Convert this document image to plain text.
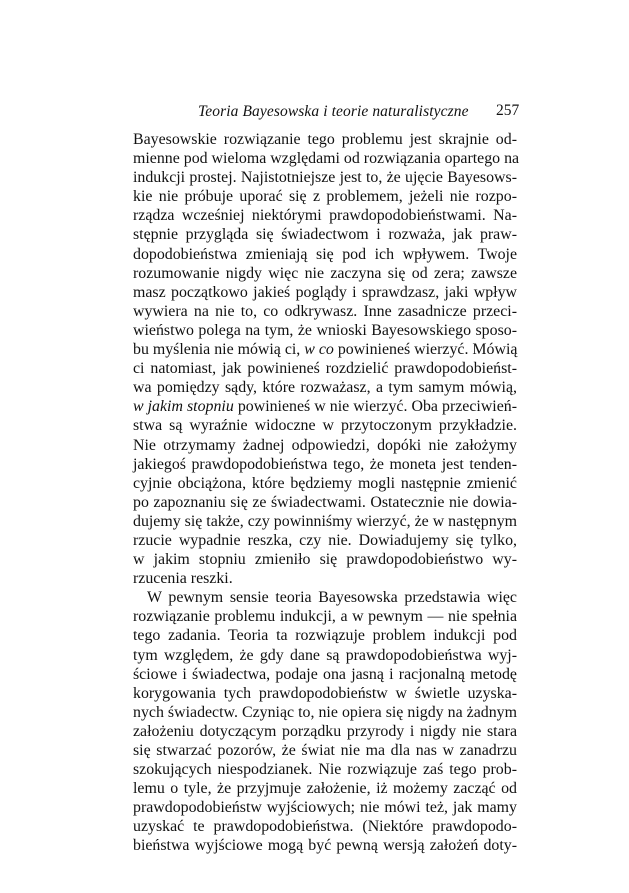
Teoria Bayesowska i teorie naturalistyczne 257
Bayesowskie rozwiązanie tego problemu jest skrajnie od-
mienne pod wieloma względami od rozwiązania opartego na
indukcji prostej. Najistotniejsze jest to, że ujęcie Bayesows-
kie nie próbuje uporać się z problemem, jeżeli nie rozpo-
rządza wcześniej niektórymi prawdopodobieństwami. Na-
stępnie przygląda się świadectwom i rozważa, jak praw-
dopodobieństwa zmieniają się pod ich wpływem. Twoje
rozumowanie nigdy więc nie zaczyna się od zera; zawsze
masz początkowo jakieś poglądy i sprawdzasz, jaki wpływ
wywiera na nie to, co odkrywasz. Inne zasadnicze przeci-
wieństwo polega na tym, że wnioski Bayesowskiego sposo-
bu myślenia nie mówią ci, w co powinieneś wierzyć. Mówią
ci natomiast, jak powinieneś rozdzielić prawdopodobieńst-
wa pomiędzy sądy, które rozważasz, a tym samym mówią,
w jakim stopniu powinieneś w nie wierzyć. Oba przeciwień-
stwa są wyraźnie widoczne w przytoczonym przykładzie.
Nie otrzymamy żadnej odpowiedzi, dopóki nie założymy
jakiegoś prawdopodobieństwa tego, że moneta jest tenden-
cyjnie obciążona, które będziemy mogli następnie zmienić
po zapoznaniu się ze świadectwami. Ostatecznie nie dowia-
dujemy się także, czy powinniśmy wierzyć, że w następnym
rzucie wypadnie reszka, czy nie. Dowiadujemy się tylko,
w jakim stopniu zmieniło się prawdopodobieństwo wy-
rzucenia reszki.
W pewnym sensie teoria Bayesowska przedstawia więc
rozwiązanie problemu indukcji, a w pewnym — nie spełnia
tego zadania. Teoria ta rozwiązuje problem indukcji pod
tym względem, że gdy dane są prawdopodobieństwa wyj-
ściowe i świadectwa, podaje ona jasną i racjonalną metodę
korygowania tych prawdopodobieństw w świetle uzyska-
nych świadectw. Czyniąc to, nie opiera się nigdy na żadnym
założeniu dotyczącym porządku przyrody i nigdy nie stara
się stwarzać pozorów, że świat nie ma dla nas w zanadrzu
szokujących niespodzianek. Nie rozwiązuje zaś tego prob-
lemu o tyle, że przyjmuje założenie, iż możemy zacząć od
prawdopodobieństw wyjściowych; nie mówi też, jak mamy
uzyskać te prawdopodobieństwa. (Niektóre prawdopodo-
bieństwa wyjściowe mogą być pewną wersją założeń doty-
